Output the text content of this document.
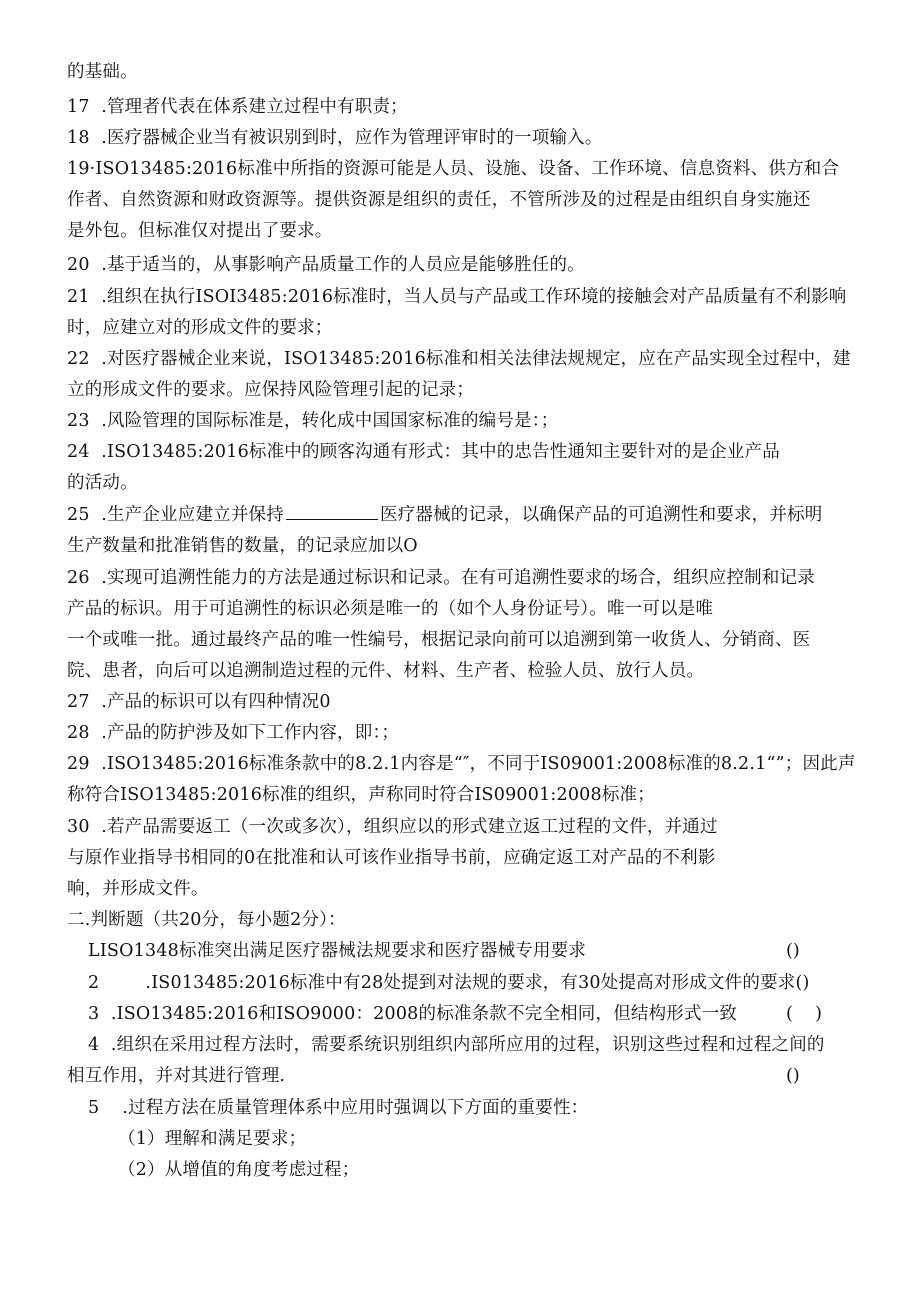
的基础。
17  .管理者代表在体系建立过程中有职责；
18  .医疗器械企业当有被识别到时，应作为管理评审时的一项输入。
19·ISO13485:2016标准中所指的资源可能是人员、设施、设备、工作环境、信息资料、供方和合
作者、自然资源和财政资源等。提供资源是组织的责任，不管所涉及的过程是由组织自身实施还
是外包。但标准仅对提出了要求。
20  .基于适当的，从事影响产品质量工作的人员应是能够胜任的。
21  .组织在执行ISOI3485:2016标准时，当人员与产品或工作环境的接触会对产品质量有不利影响
时，应建立对的形成文件的要求；
22  .对医疗器械企业来说，ISO13485:2016标准和相关法律法规规定，应在产品实现全过程中，建
立的形成文件的要求。应保持风险管理引起的记录；
23  .风险管理的国际标准是，转化成中国国家标准的编号是：；
24  .ISO13485:2016标准中的顾客沟通有形式：其中的忠告性通知主要针对的是企业产品
的活动。
25  .生产企业应建立并保持	医疗器械的记录，以确保产品的可追溯性和要求，并标明
生产数量和批准销售的数量，的记录应加以O
26  .实现可追溯性能力的方法是通过标识和记录。在有可追溯性要求的场合，组织应控制和记录
产品的标识。用于可追溯性的标识必须是唯一的（如个人身份证号）。唯一可以是唯
一个或唯一批。通过最终产品的唯一性编号，根据记录向前可以追溯到第一收货人、分销商、医
院、患者，向后可以追溯制造过程的元件、材料、生产者、检验人员、放行人员。
27  .产品的标识可以有四种情况0
28  .产品的防护涉及如下工作内容，即：；
29  .ISO13485:2016标准条款中的8.2.1内容是“″，不同于IS09001:2008标准的8.2.1“”；因此声
称符合ISO13485:2016标准的组织，声称同时符合IS09001:2008标准；
30  .若产品需要返工（一次或多次），组织应以的形式建立返工过程的文件，并通过
与原作业指导书相同的0在批准和认可该作业指导书前，应确定返工对产品的不利影
响，并形成文件。
二.判断题（共20分，每小题2分）：
LISO1348标准突出满足医疗器械法规要求和医疗器械专用要求	()
2        .IS013485:2016标准中有28处提到对法规的要求，有30处提高对形成文件的要求()
3  .ISO13485:2016和ISO9000：2008的标准条款不完全相同，但结构形式一致	(    )
4  .组织在采用过程方法时，需要系统识别组织内部所应用的过程，识别这些过程和过程之间的
相互作用，并对其进行管理.	()
5    .过程方法在质量管理体系中应用时强调以下方面的重要性：
（1）理解和满足要求；
（2）从增值的角度考虑过程；
